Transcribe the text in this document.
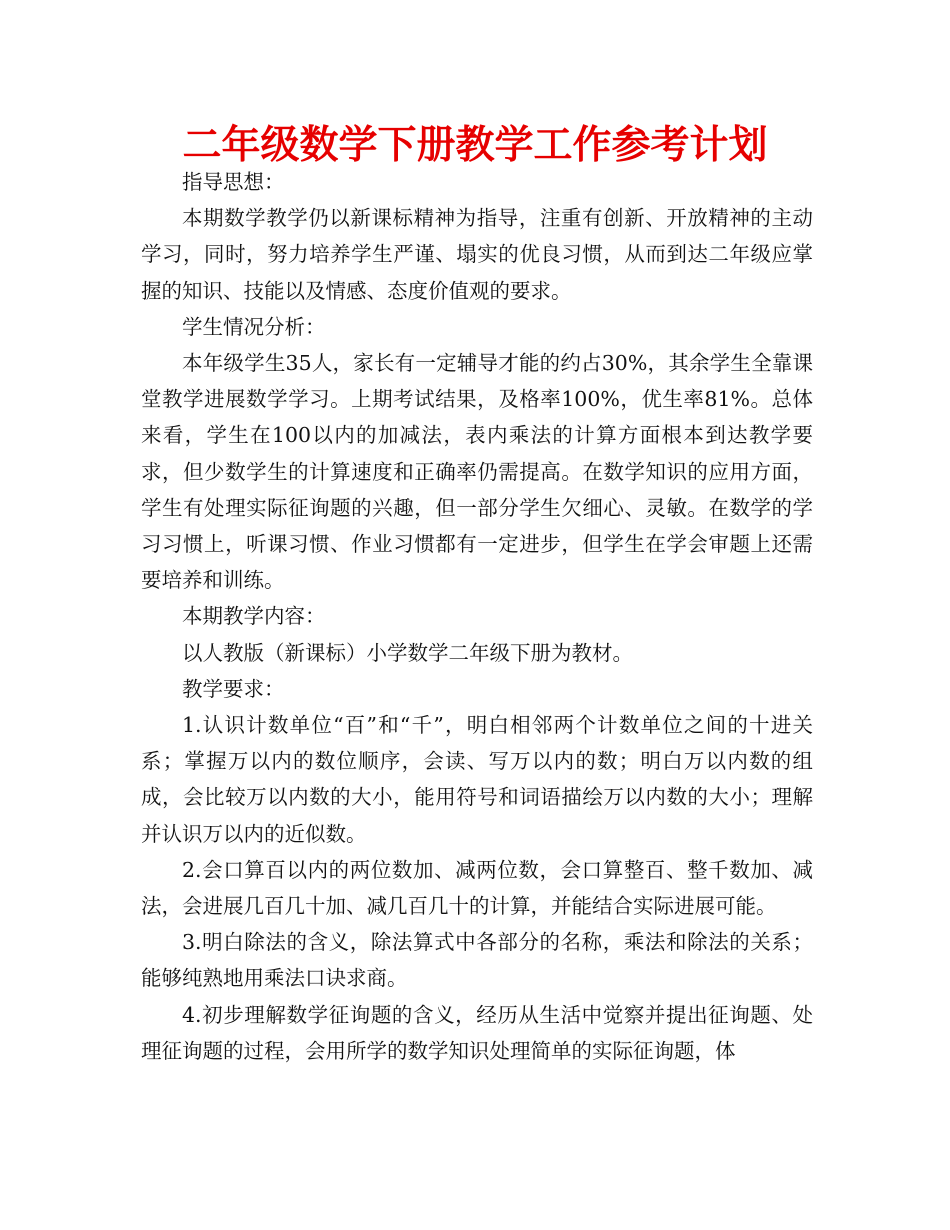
二年级数学下册教学工作参考计划

指导思想：

本期数学教学仍以新课标精神为指导，注重有创新、开放精神的主动学习，同时，努力培养学生严谨、塌实的优良习惯，从而到达二年级应掌握的知识、技能以及情感、态度价值观的要求。

学生情况分析：

本年级学生35人，家长有一定辅导才能的约占30%，其余学生全靠课堂教学进展数学学习。上期考试结果，及格率100%，优生率81%。总体来看，学生在100以内的加减法，表内乘法的计算方面根本到达教学要求，但少数学生的计算速度和正确率仍需提高。在数学知识的应用方面，学生有处理实际征询题的兴趣，但一部分学生欠细心、灵敏。在数学的学习习惯上，听课习惯、作业习惯都有一定进步，但学生在学会审题上还需要培养和训练。

本期教学内容：

以人教版（新课标）小学数学二年级下册为教材。

教学要求：

1.认识计数单位“百”和“千”，明白相邻两个计数单位之间的十进关系；掌握万以内的数位顺序，会读、写万以内的数；明白万以内数的组成，会比较万以内数的大小，能用符号和词语描绘万以内数的大小；理解并认识万以内的近似数。

2.会口算百以内的两位数加、减两位数，会口算整百、整千数加、减法，会进展几百几十加、减几百几十的计算，并能结合实际进展可能。

3.明白除法的含义，除法算式中各部分的名称，乘法和除法的关系；能够纯熟地用乘法口诀求商。

4.初步理解数学征询题的含义，经历从生活中觉察并提出征询题、处理征询题的过程，会用所学的数学知识处理简单的实际征询题，体
